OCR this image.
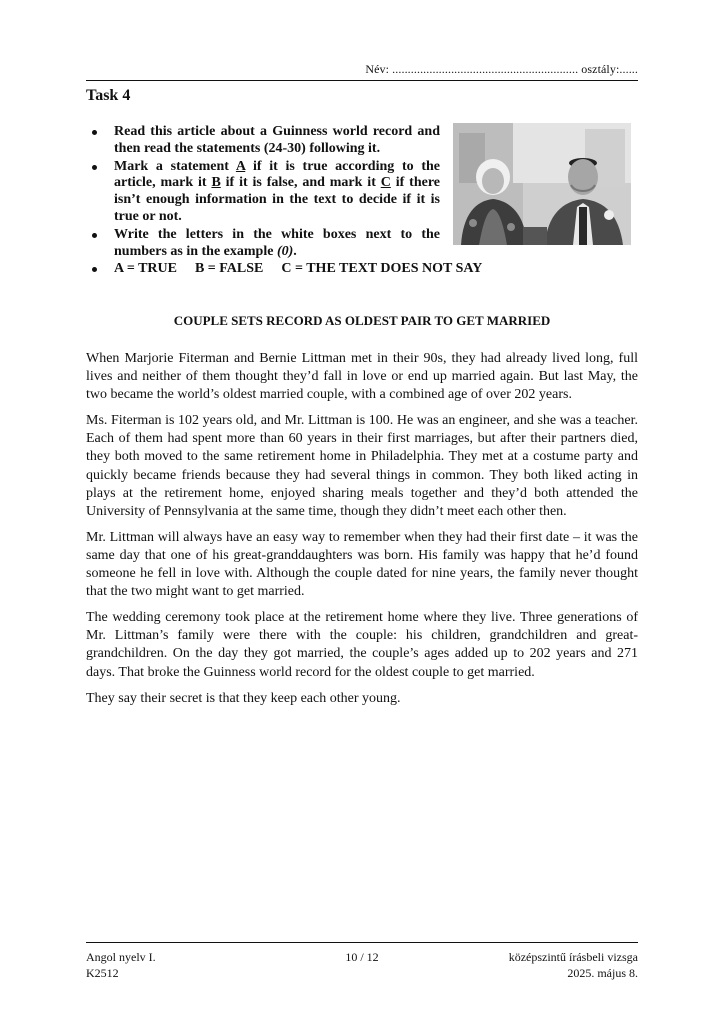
Név: ............................................................ osztály:......
Task 4
Read this article about a Guinness world record and then read the statements (24-30) following it.
Mark a statement A if it is true according to the article, mark it B if it is false, and mark it C if there isn’t enough information in the text to decide if it is true or not.
Write the letters in the white boxes next to the numbers as in the example (0).
A = TRUE B = FALSE C = THE TEXT DOES NOT SAY
COUPLE SETS RECORD AS OLDEST PAIR TO GET MARRIED

When Marjorie Fiterman and Bernie Littman met in their 90s, they had already lived long, full lives and neither of them thought they’d fall in love or end up married again. But last May, the two became the world’s oldest married couple, with a combined age of over 202 years.

Ms. Fiterman is 102 years old, and Mr. Littman is 100. He was an engineer, and she was a teacher. Each of them had spent more than 60 years in their first marriages, but after their partners died, they both moved to the same retirement home in Philadelphia. They met at a costume party and quickly became friends because they had several things in common. They both liked acting in plays at the retirement home, enjoyed sharing meals together and they’d both attended the University of Pennsylvania at the same time, though they didn’t meet each other then.

Mr. Littman will always have an easy way to remember when they had their first date – it was the same day that one of his great-granddaughters was born. His family was happy that he’d found someone he fell in love with. Although the couple dated for nine years, the family never thought that the two might want to get married.

The wedding ceremony took place at the retirement home where they live. Three generations of Mr. Littman’s family were there with the couple: his children, grandchildren and great-grandchildren. On the day they got married, the couple’s ages added up to 202 years and 271 days. That broke the Guinness world record for the oldest couple to get married.

They say their secret is that they keep each other young.

Angol nyelv I.
K2512
10 / 12	középszintű írásbeli vizsga
2025. május 8.
